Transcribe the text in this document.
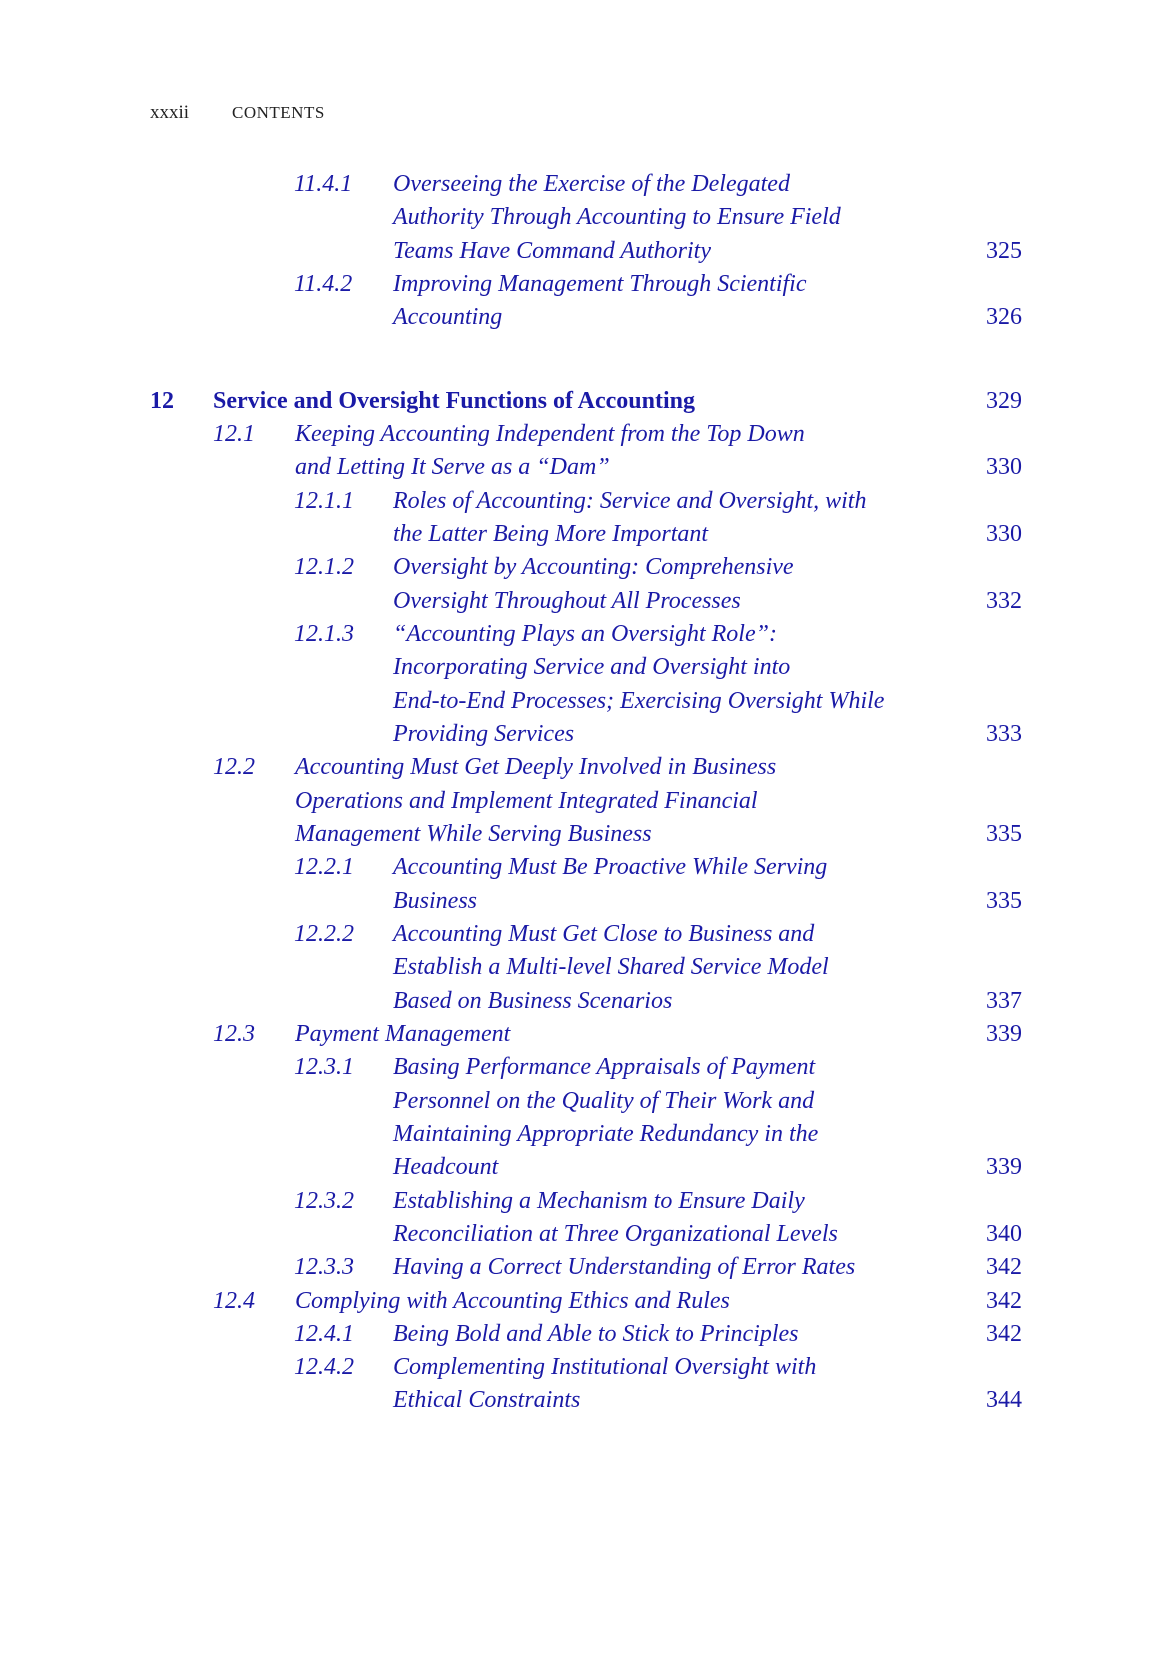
xxxii	CONTENTS
11.4.1 Overseeing the Exercise of the Delegated
Authority Through Accounting to Ensure Field
Teams Have Command Authority	325
11.4.2 Improving Management Through Scientific
Accounting	326
12 Service and Oversight Functions of Accounting	329
12.1 Keeping Accounting Independent from the Top Down
and Letting It Serve as a “Dam”	330
12.1.1 Roles of Accounting: Service and Oversight, with
the Latter Being More Important	330
12.1.2 Oversight by Accounting: Comprehensive
Oversight Throughout All Processes	332
12.1.3 “Accounting Plays an Oversight Role”:
Incorporating Service and Oversight into
End-to-End Processes; Exercising Oversight While
Providing Services	333
12.2 Accounting Must Get Deeply Involved in Business
Operations and Implement Integrated Financial
Management While Serving Business	335
12.2.1 Accounting Must Be Proactive While Serving
Business	335
12.2.2 Accounting Must Get Close to Business and
Establish a Multi-level Shared Service Model
Based on Business Scenarios	337
12.3 Payment Management	339
12.3.1 Basing Performance Appraisals of Payment
Personnel on the Quality of Their Work and
Maintaining Appropriate Redundancy in the
Headcount	339
12.3.2 Establishing a Mechanism to Ensure Daily
Reconciliation at Three Organizational Levels	340
12.3.3 Having a Correct Understanding of Error Rates	342
12.4 Complying with Accounting Ethics and Rules	342
12.4.1 Being Bold and Able to Stick to Principles	342
12.4.2 Complementing Institutional Oversight with
Ethical Constraints	344
